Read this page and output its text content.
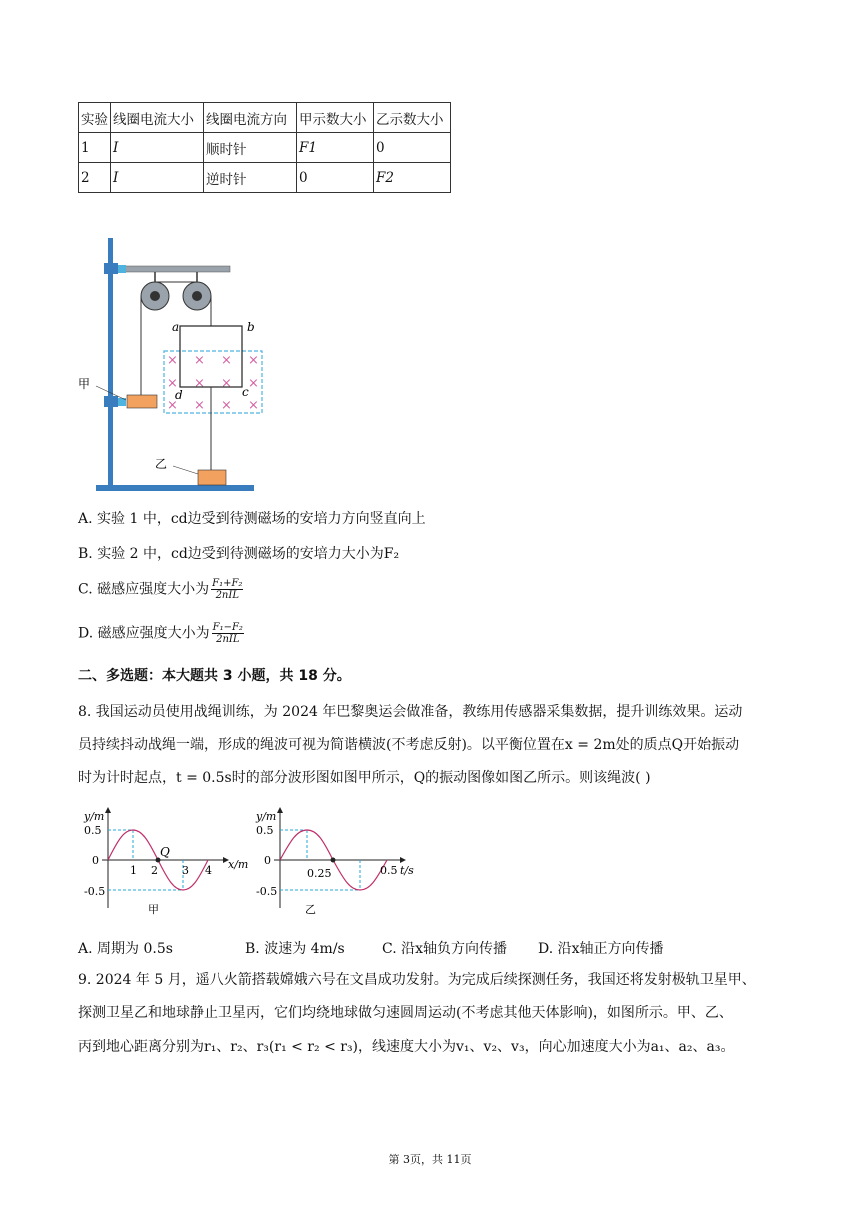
实验	线圈电流大小	线圈电流方向	甲示数大小	乙示数大小
1	I	顺时针	F1	0
2	I	逆时针	0	F2
× × × ×
× × × ×
× × × ×
a	b
c
d
甲
乙
A. 实验 1 中，cd边受到待测磁场的安培力方向竖直向上
B. 实验 2 中，cd边受到待测磁场的安培力大小为F₂
C. 磁感应强度大小为 $\frac{\text{F₁+F₂}}{\text{2nIL}}$
D. 磁感应强度大小为 $\frac{\text{F₁−F₂}}{\text{2nIL}}$
二、多选题：本大题共 3 小题，共 18 分。
8. 我国运动员使用战绳训练，为 2024 年巴黎奥运会做准备，教练用传感器采集数据，提升训练效果。运动
员持续抖动战绳一端，形成的绳波可视为简谐横波(不考虑反射)。以平衡位置在x = 2m处的质点Q开始振动
时为计时起点，t = 0.5s时的部分波形图如图甲所示，Q的振动图像如图乙所示。则该绳波( )
y/m
x/m
0.5
0
-0.5
Q
1 2 3 4
甲
y/m
t/s
0.5
0
-0.5
0.25	0.5
乙
A. 周期为 0.5s	B. 波速为 4m/s	C. 沿x轴负方向传播 D. 沿x轴正方向传播
9. 2024 年 5 月，遥八火箭搭载嫦娥六号在文昌成功发射。为完成后续探测任务，我国还将发射极轨卫星甲、
探测卫星乙和地球静止卫星丙，它们均绕地球做匀速圆周运动(不考虑其他天体影响)，如图所示。甲、乙、
丙到地心距离分别为r₁、r₂、r₃(r₁ < r₂ < r₃)，线速度大小为v₁、v₂、v₃，向心加速度大小为a₁、a₂、a₃。
第 3页，共 11页
